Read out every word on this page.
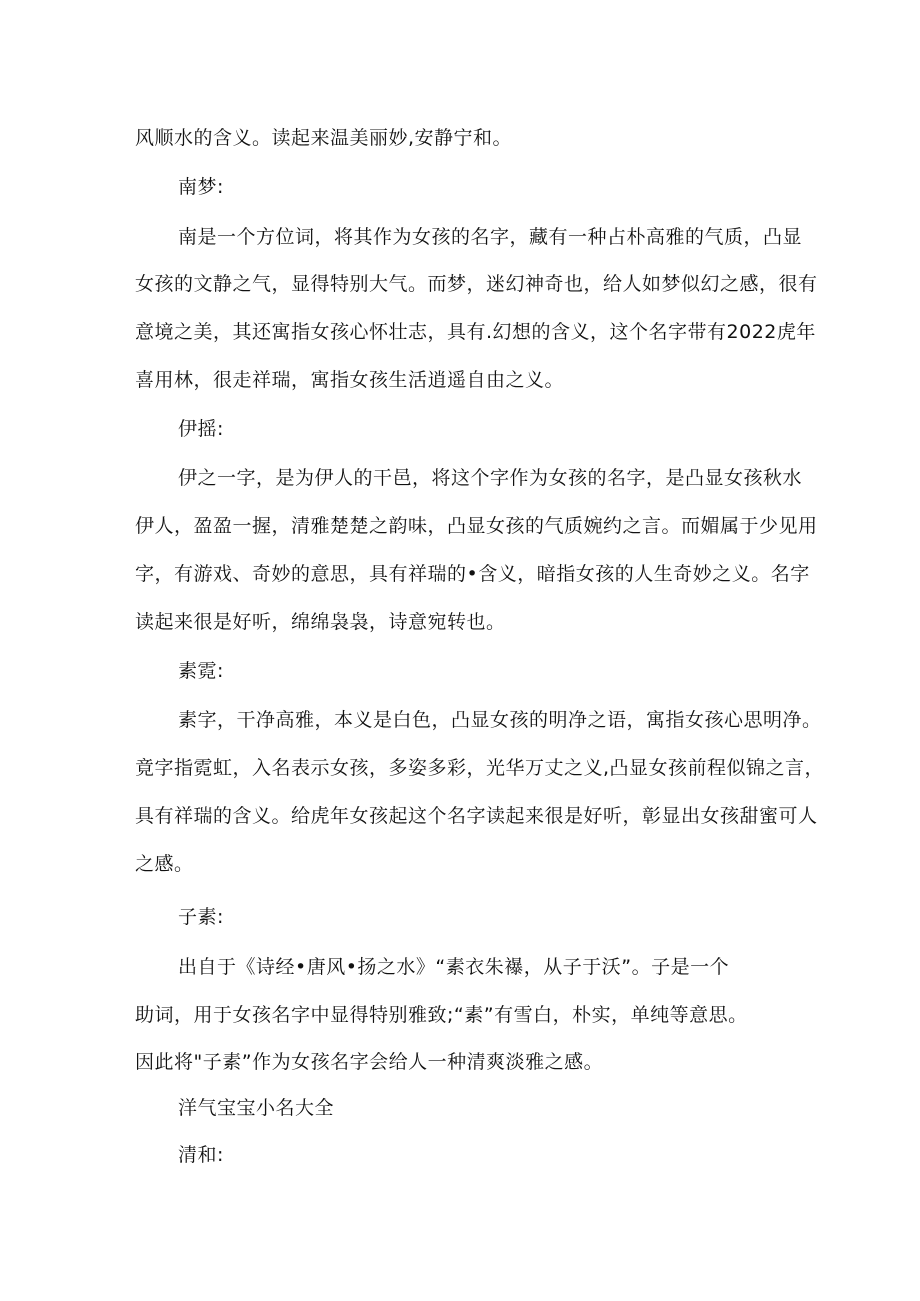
风顺水的含义。读起来温美丽妙,安静宁和。
南梦:
南是一个方位词，将其作为女孩的名字，藏有一种占朴高雅的气质，凸显
女孩的文静之气，显得特别大气。而梦，迷幻神奇也，给人如梦似幻之感，很有
意境之美，其还寓指女孩心怀壮志，具有.幻想的含义，这个名字带有2022虎年
喜用林，很走祥瑞，寓指女孩生活逍遥自由之义。
伊摇:
伊之一字，是为伊人的干邑，将这个字作为女孩的名字，是凸显女孩秋水
伊人，盈盈一握，清雅楚楚之韵味，凸显女孩的气质婉约之言。而媚属于少见用
字，有游戏、奇妙的意思，具有祥瑞的•含义，暗指女孩的人生奇妙之义。名字
读起来很是好听，绵绵袅袅，诗意宛转也。
素霓:
素字，干净高雅，本义是白色，凸显女孩的明净之语，寓指女孩心思明净。
竟字指霓虹，入名表示女孩，多姿多彩，光华万丈之义,凸显女孩前程似锦之言，
具有祥瑞的含义。给虎年女孩起这个名字读起来很是好听，彰显出女孩甜蜜可人
之感。
子素:
出自于《诗经•唐风•扬之水》“素衣朱襮，从子于沃”。子是一个
助词，用于女孩名字中显得特别雅致;“素”有雪白，朴实，单纯等意思。
因此将"子素”作为女孩名字会给人一种清爽淡雅之感。
洋气宝宝小名大全
清和:
